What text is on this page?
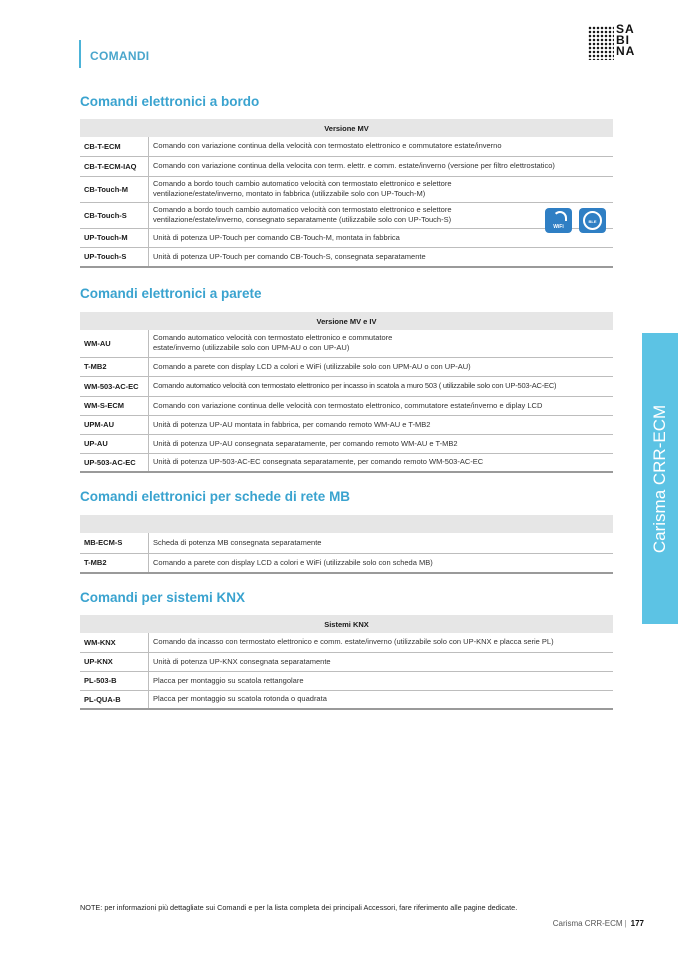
COMANDI
SA
BI
NA
Comandi elettronici a bordo
Versione MV	
CB-T-ECM	Comando con variazione continua della velocità con termostato elettronico e commutatore estate/inverno
CB-T-ECM-IAQ	Comando con variazione continua della velocita con term. elettr. e comm. estate/inverno (versione per filtro elettrostatico)
CB-Touch-M	Comando a bordo touch cambio automatico velocità con termostato elettronico e selettore ventilazione/estate/inverno, montato in fabbrica (utilizzabile solo con UP-Touch-M)
CB-Touch-S	Comando a bordo touch cambio automatico velocità con termostato elettronico e selettore ventilazione/estate/inverno, consegnato separatamente (utilizzabile solo con UP-Touch-S)
UP-Touch-M	Unità di potenza UP-Touch per comando CB-Touch-M, montata in fabbrica
UP-Touch-S	Unità di potenza UP-Touch per comando CB-Touch-S, consegnata separatamente
WiFi
BLE
Comandi elettronici a parete
Versione MV e IV	
WM-AU	Comando automatico velocità con termostato elettronico e commutatore estate/inverno (utilizzabile solo con UPM-AU o con UP-AU)
T-MB2	Comando a parete con display LCD a colori e WiFi (utilizzabile solo con UPM-AU o con UP-AU)
WM-503-AC-EC	Comando automatico velocità con termostato elettronico per incasso in scatola a muro 503 ( utilizzabile solo con UP-503-AC-EC)
WM-S-ECM	Comando con variazione continua delle velocità con termostato elettronico, commutatore estate/inverno e diplay LCD
UPM-AU	Unità di potenza UP-AU montata in fabbrica, per comando remoto WM-AU e T-MB2
UP-AU	Unità di potenza UP-AU consegnata separatamente, per comando remoto WM-AU e T-MB2
UP-503-AC-EC	Unità di potenza UP-503-AC-EC consegnata separatamente, per comando remoto WM-503-AC-EC
Comandi elettronici per schede di rete MB

MB-ECM-S	Scheda di potenza MB consegnata separatamente
T-MB2	Comando a parete con display LCD a colori e WiFi (utilizzabile solo con scheda MB)
Comandi per sistemi KNX
Sistemi KNX	
WM-KNX	Comando da incasso con termostato elettronico e comm. estate/inverno (utilizzabile solo con UP-KNX e placca serie PL)
UP-KNX	Unità di potenza UP-KNX consegnata separatamente
PL-503-B	Placca per montaggio su scatola rettangolare
PL-QUA-B	Placca per montaggio su scatola rotonda o quadrata
Carisma CRR-ECM
NOTE: per informazioni più dettagliate sui Comandi e per la lista completa dei principali Accessori, fare riferimento alle pagine dedicate.
Carisma CRR-ECM | 177
